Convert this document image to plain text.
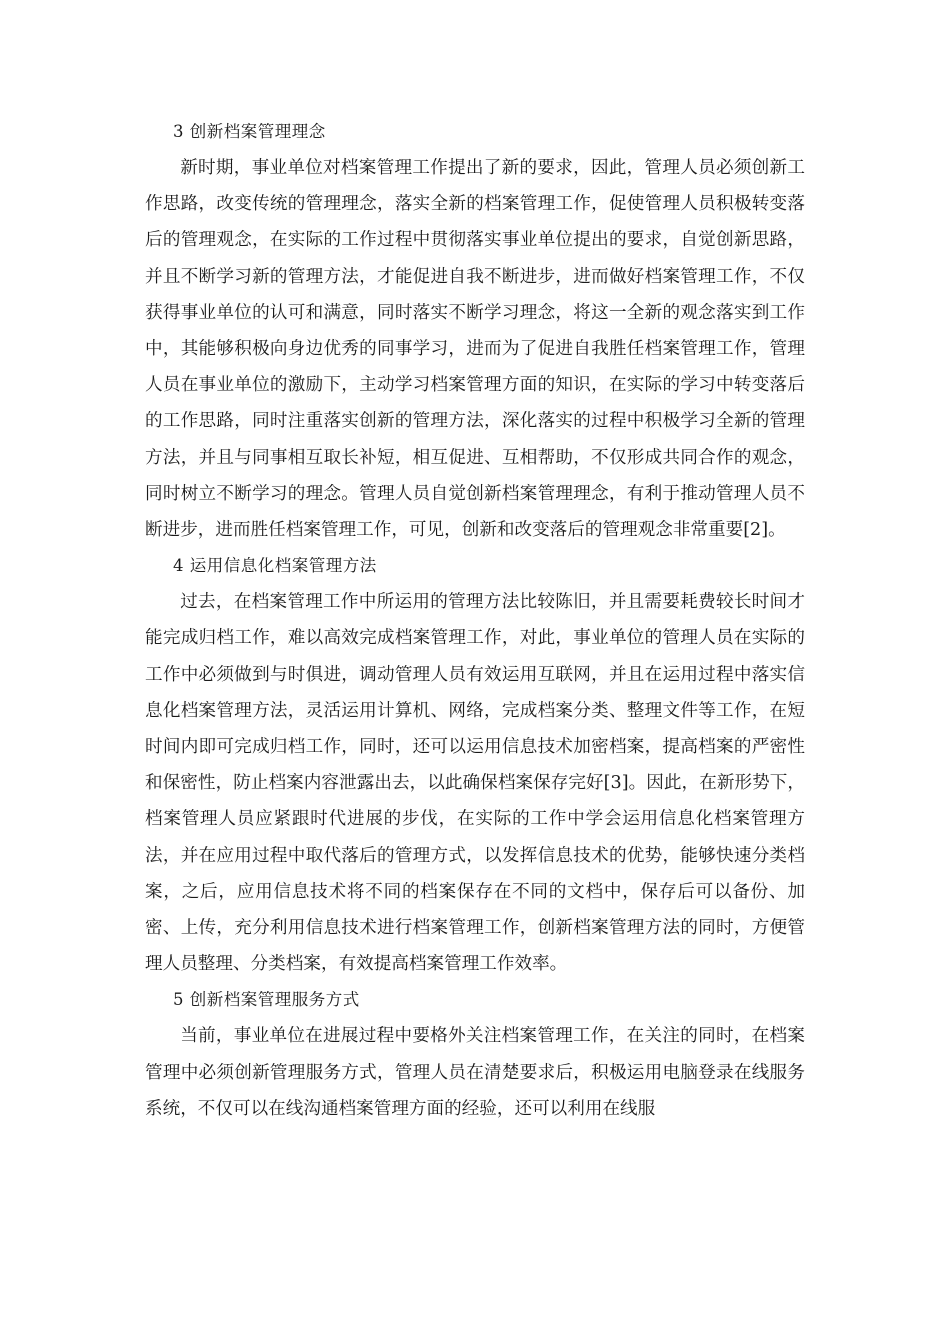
3 创新档案管理理念

新时期，事业单位对档案管理工作提出了新的要求，因此，管理人员必须创新工作思路，改变传统的管理理念，落实全新的档案管理工作，促使管理人员积极转变落后的管理观念，在实际的工作过程中贯彻落实事业单位提出的要求，自觉创新思路，并且不断学习新的管理方法，才能促进自我不断进步，进而做好档案管理工作，不仅获得事业单位的认可和满意，同时落实不断学习理念，将这一全新的观念落实到工作中，其能够积极向身边优秀的同事学习，进而为了促进自我胜任档案管理工作，管理人员在事业单位的激励下，主动学习档案管理方面的知识，在实际的学习中转变落后的工作思路，同时注重落实创新的管理方法，深化落实的过程中积极学习全新的管理方法，并且与同事相互取长补短，相互促进、互相帮助，不仅形成共同合作的观念，同时树立不断学习的理念。管理人员自觉创新档案管理理念，有利于推动管理人员不断进步，进而胜任档案管理工作，可见，创新和改变落后的管理观念非常重要[2]。

4 运用信息化档案管理方法

过去，在档案管理工作中所运用的管理方法比较陈旧，并且需要耗费较长时间才能完成归档工作，难以高效完成档案管理工作，对此，事业单位的管理人员在实际的工作中必须做到与时俱进，调动管理人员有效运用互联网，并且在运用过程中落实信息化档案管理方法，灵活运用计算机、网络，完成档案分类、整理文件等工作，在短时间内即可完成归档工作，同时，还可以运用信息技术加密档案，提高档案的严密性和保密性，防止档案内容泄露出去，以此确保档案保存完好[3]。因此，在新形势下，档案管理人员应紧跟时代进展的步伐，在实际的工作中学会运用信息化档案管理方法，并在应用过程中取代落后的管理方式，以发挥信息技术的优势，能够快速分类档案，之后，应用信息技术将不同的档案保存在不同的文档中，保存后可以备份、加密、上传，充分利用信息技术进行档案管理工作，创新档案管理方法的同时，方便管理人员整理、分类档案，有效提高档案管理工作效率。

5 创新档案管理服务方式

当前，事业单位在进展过程中要格外关注档案管理工作，在关注的同时，在档案管理中必须创新管理服务方式，管理人员在清楚要求后，积极运用电脑登录在线服务系统，不仅可以在线沟通档案管理方面的经验，还可以利用在线服
